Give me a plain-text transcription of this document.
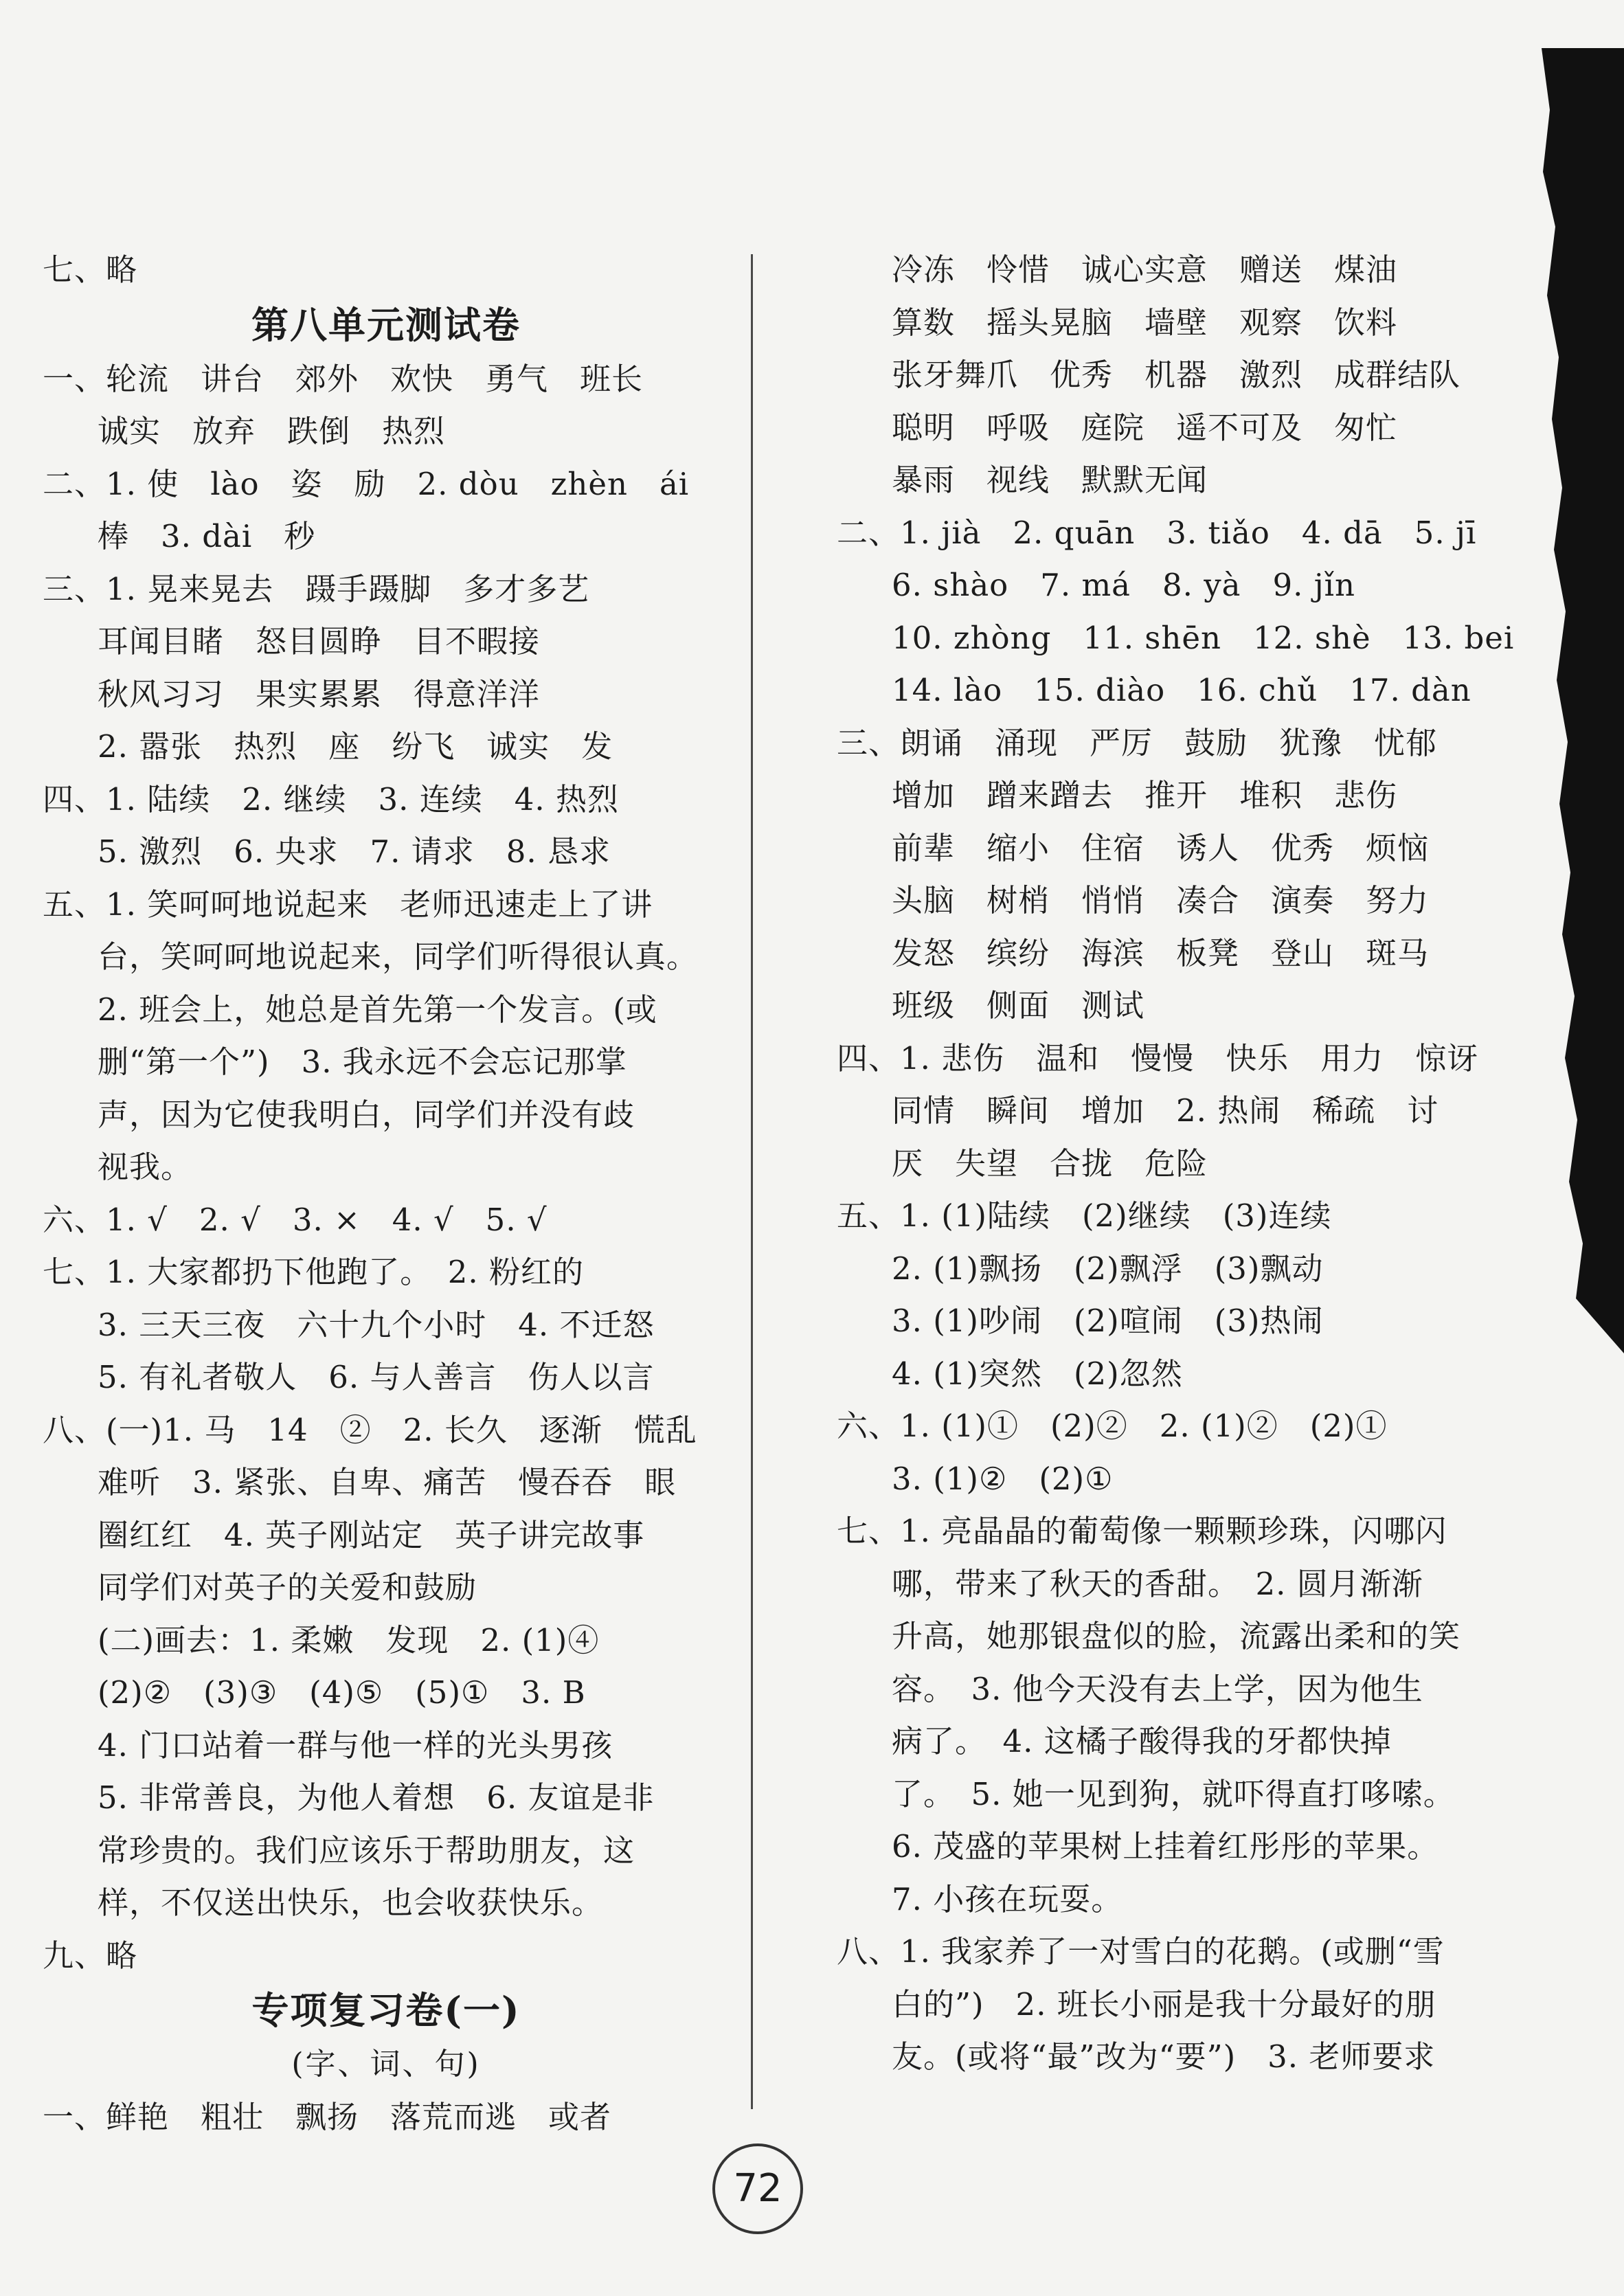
七、略
第八单元测试卷
一、轮流　讲台　郊外　欢快　勇气　班长
诚实　放弃　跌倒　热烈
二、1. 使　lào　姿　励　2. dòu　zhèn　ái
棒　3. dài　秒
三、1. 晃来晃去　蹑手蹑脚　多才多艺
耳闻目睹　怒目圆睁　目不暇接
秋风习习　果实累累　得意洋洋
2. 嚣张　热烈　座　纷飞　诚实　发
四、1. 陆续　2. 继续　3. 连续　4. 热烈
5. 激烈　6. 央求　7. 请求　8. 恳求
五、1. 笑呵呵地说起来　老师迅速走上了讲
台，笑呵呵地说起来，同学们听得很认真。
2. 班会上，她总是首先第一个发言。(或
删“第一个”)　3. 我永远不会忘记那掌
声，因为它使我明白，同学们并没有歧
视我。
六、1. √　2. √　3. ×　4. √　5. √
七、1. 大家都扔下他跑了。　2. 粉红的
3. 三天三夜　六十九个小时　4. 不迁怒
5. 有礼者敬人　6. 与人善言　伤人以言
八、(一)1. 马　14　②　2. 长久　逐渐　慌乱
难听　3. 紧张、自卑、痛苦　慢吞吞　眼
圈红红　4. 英子刚站定　英子讲完故事
同学们对英子的关爱和鼓励
(二)画去：1. 柔嫩　发现　2. (1)④
(2)②　(3)③　(4)⑤　(5)①　3. B
4. 门口站着一群与他一样的光头男孩
5. 非常善良，为他人着想　6. 友谊是非
常珍贵的。我们应该乐于帮助朋友，这
样，不仅送出快乐，也会收获快乐。
九、略
专项复习卷(一)
(字、词、句)
一、鲜艳　粗壮　飘扬　落荒而逃　或者
冷冻　怜惜　诚心实意　赠送　煤油
算数　摇头晃脑　墙壁　观察　饮料
张牙舞爪　优秀　机器　激烈　成群结队
聪明　呼吸　庭院　遥不可及　匆忙
暴雨　视线　默默无闻
二、1. jià　2. quān　3. tiǎo　4. dā　5. jī
6. shào　7. má　8. yà　9. jǐn
10. zhòng　11. shēn　12. shè　13. bei
14. lào　15. diào　16. chǔ　17. dàn
三、朗诵　涌现　严厉　鼓励　犹豫　忧郁
增加　蹭来蹭去　推开　堆积　悲伤
前辈　缩小　住宿　诱人　优秀　烦恼
头脑　树梢　悄悄　凑合　演奏　努力
发怒　缤纷　海滨　板凳　登山　斑马
班级　侧面　测试
四、1. 悲伤　温和　慢慢　快乐　用力　惊讶
同情　瞬间　增加　2. 热闹　稀疏　讨
厌　失望　合拢　危险
五、1. (1)陆续　(2)继续　(3)连续
2. (1)飘扬　(2)飘浮　(3)飘动
3. (1)吵闹　(2)喧闹　(3)热闹
4. (1)突然　(2)忽然
六、1. (1)①　(2)②　2. (1)②　(2)①
3. (1)②　(2)①
七、1. 亮晶晶的葡萄像一颗颗珍珠，闪哪闪
哪，带来了秋天的香甜。　2. 圆月渐渐
升高，她那银盘似的脸，流露出柔和的笑
容。　3. 他今天没有去上学，因为他生
病了。　4. 这橘子酸得我的牙都快掉
了。　5. 她一见到狗，就吓得直打哆嗦。
6. 茂盛的苹果树上挂着红彤彤的苹果。
7. 小孩在玩耍。
八、1. 我家养了一对雪白的花鹅。(或删“雪
白的”)　2. 班长小丽是我十分最好的朋
友。(或将“最”改为“要”)　3. 老师要求
72
